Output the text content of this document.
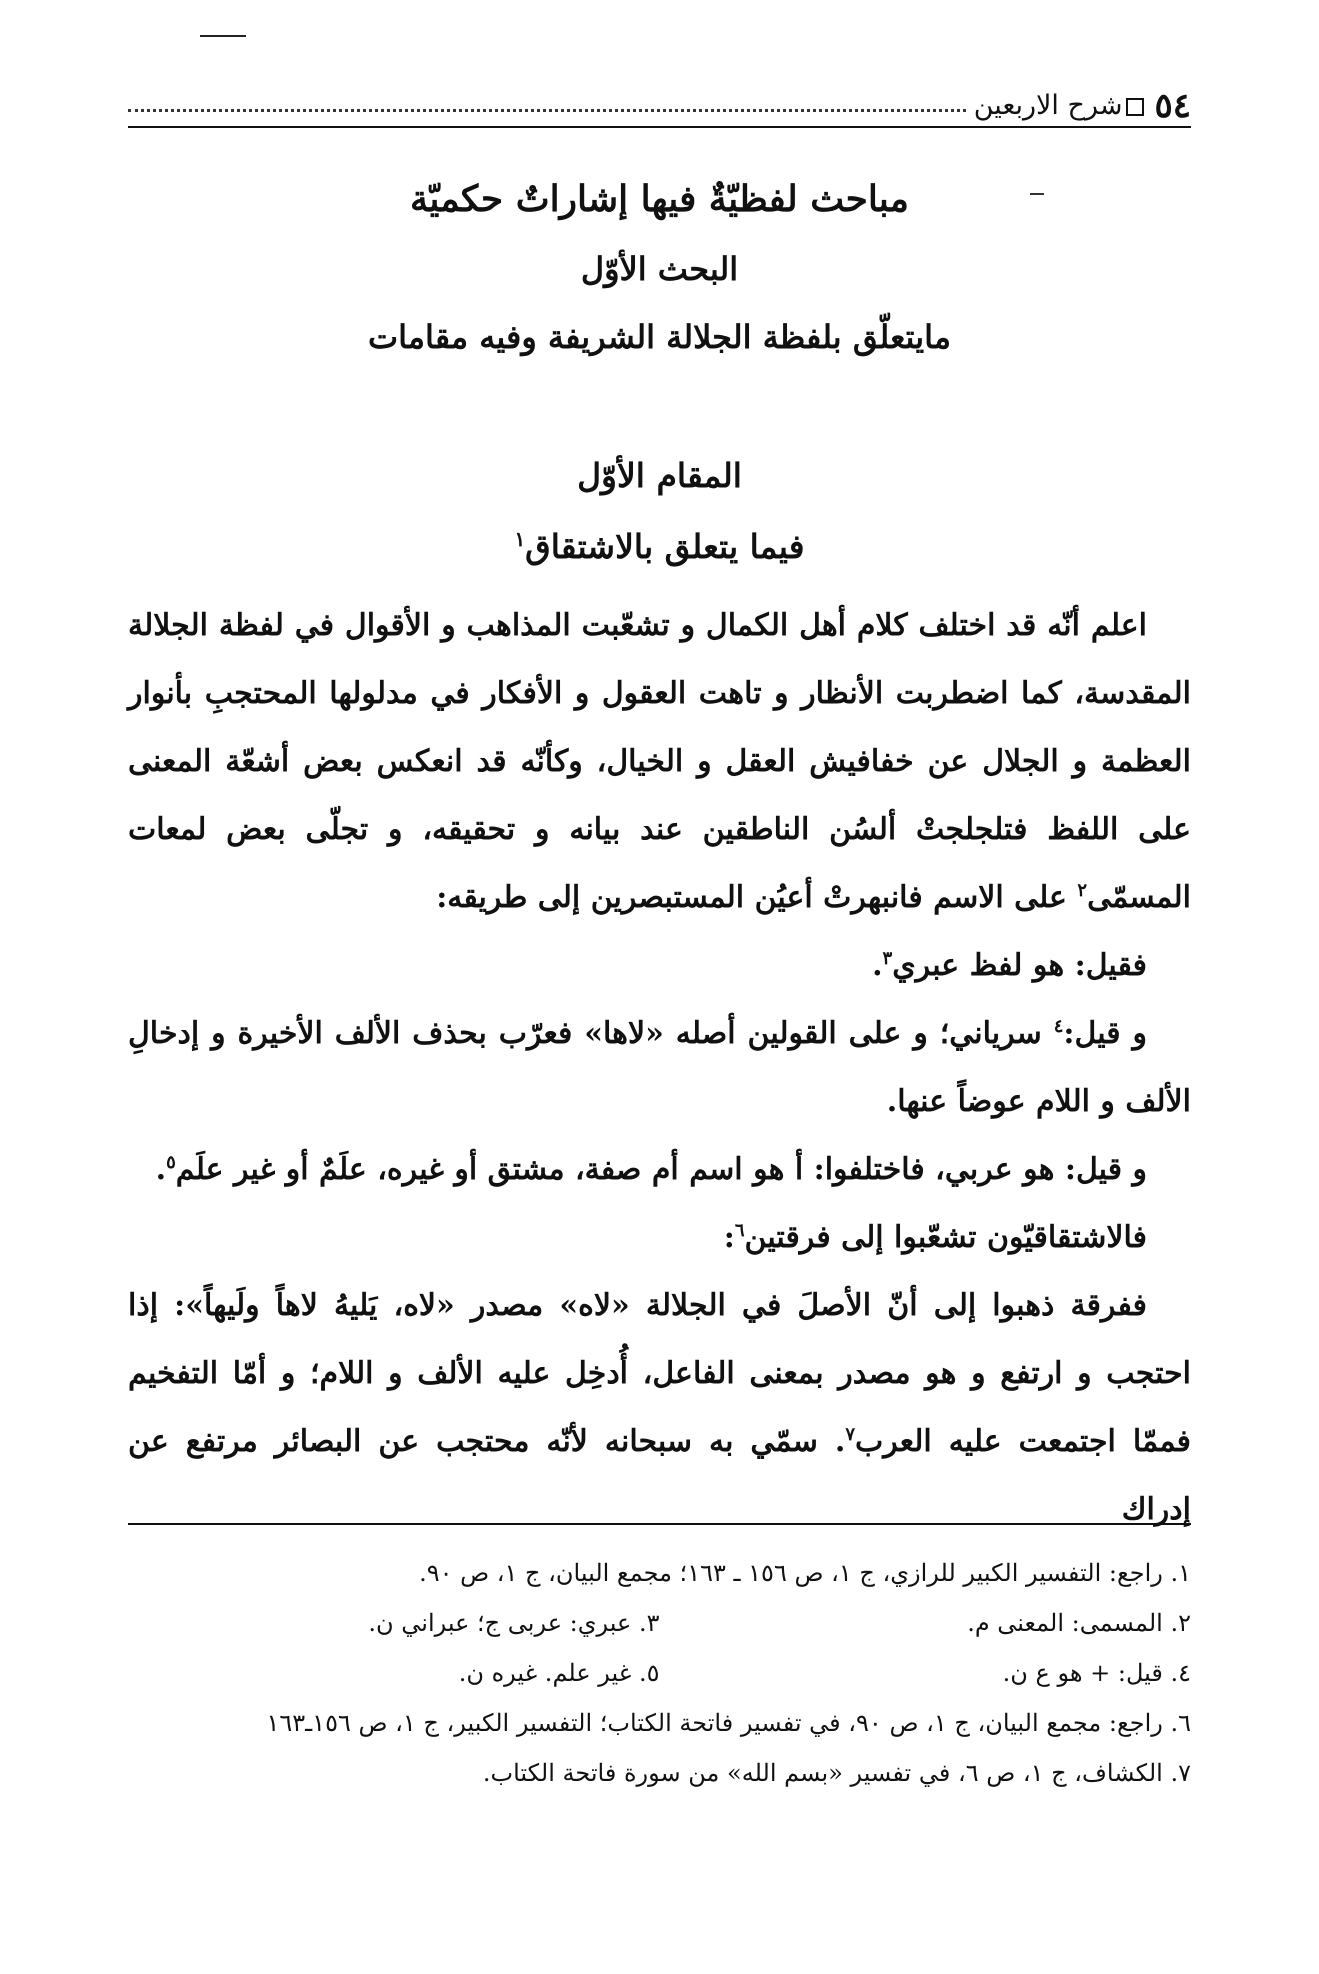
٥٤
شرح الاربعين
مباحث لفظيّةٌ فيها إشاراتٌ حكميّة
البحث الأوّل
مايتعلّق بلفظة الجلالة الشريفة وفيه مقامات
المقام الأوّل
فيما يتعلق بالاشتقاق$^١$

اعلم أنّه قد اختلف كلام أهل الكمال و تشعّبت المذاهب و الأقوال في لفظة الجلالة المقدسة، كما اضطربت الأنظار و تاهت العقول و الأفكار في مدلولها المحتجبِ بأنوار العظمة و الجلال عن خفافيش العقل و الخيال، وكأنّه قد انعكس بعض أشعّة المعنى على اللفظ فتلجلجتْ ألسُن الناطقين عند بيانه و تحقيقه، و تجلّى بعض لمعات المسمّى$^٢$ على الاسم فانبهرتْ أعيُن المستبصرين إلى طريقه:

فقيل: هو لفظ عبري$^٣$.

و قيل:$^٤$ سرياني؛ و على القولين أصله «لاها» فعرّب بحذف الألف الأخيرة و إدخالِ الألف و اللام عوضاً عنها.

و قيل: هو عربي، فاختلفوا: أ هو اسم أم صفة، مشتق أو غيره، علَمٌ أو غير علَم$^٥$.

فالاشتقاقيّون تشعّبوا إلى فرقتين$^٦$:

ففرقة ذهبوا إلى أنّ الأصلَ في الجلالة «لاه» مصدر «لاه، يَليهُ لاهاً ولَيهاً»: إذا احتجب و ارتفع و هو مصدر بمعنى الفاعل، أُدخِل عليه الألف و اللام؛ و أمّا التفخيم فممّا اجتمعت عليه العرب$^٧$. سمّي به سبحانه لأنّه محتجب عن البصائر مرتفع عن إدراك

١. راجع: التفسير الكبير للرازي، ج ١، ص ١٥٦ ـ ١٦٣؛ مجمع البيان، ج ١، ص ٩٠.
٢. المسمى: المعنى م.
٣. عبري: عربى ج؛ عبراني ن.
٤. قيل: + هو ع ن.
٥. غير علم. غيره ن.
٦. راجع: مجمع البيان، ج ١، ص ٩٠، في تفسير فاتحة الكتاب؛ التفسير الكبير، ج ١، ص ١٥٦ـ١٦٣
٧. الكشاف، ج ١، ص ٦، في تفسير «بسم الله» من سورة فاتحة الكتاب.
